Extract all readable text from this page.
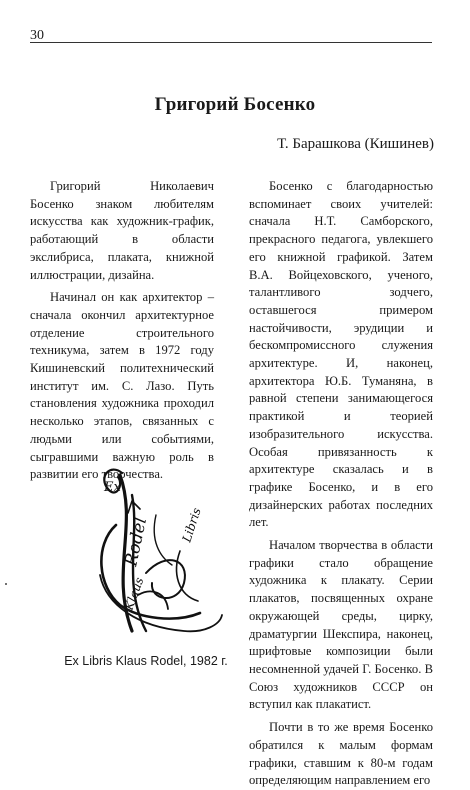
30
Григорий Босенко
Т. Барашкова (Кишинев)

Григорий Николаевич Босенко знаком любителям искусства как художник-график, работающий в области экслибриса, плаката, книжной иллюстрации, дизайна.

Начинал он как архитектор – сначала окончил архитектурное отделение строительного техникума, затем в 1972 году Кишиневский политехнический институт им. С. Лазо. Путь становления художника проходил несколько этапов, связанных с людьми или событиями, сыгравшими важную роль в развитии его творчества.

Босенко с благодарностью вспоминает своих учителей: сначала Н.Т. Самборского, прекрасного педагога, увлекшего его книжной графикой. Затем В.А. Войцеховского, ученого, талантливого зодчего, оставшегося примером настойчивости, эрудиции и бескомпромиссного служения архитектуре. И, наконец, архитектора Ю.Б. Туманяна, в равной степени занимающегося практикой и теорией изобразительного искусства. Особая привязанность к архитектуре сказалась и в графике Босенко, и в его дизайнерских работах последних лет.

Началом творчества в области графики стало обращение художника к плакату. Серии плакатов, посвященных охране окружающей среды, цирку, драматургии Шекспира, наконец, шрифтовые композиции были несомненной удачей Г. Босенко. В Союз художников СССР он вступил как плакатист.

Почти в то же время Босенко обратился к малым формам графики, ставшим к 80-м годам определяющим направлением его

Ex
Rodel Libris
Klaus
Ex Libris Klaus Rodel, 1982 г.
